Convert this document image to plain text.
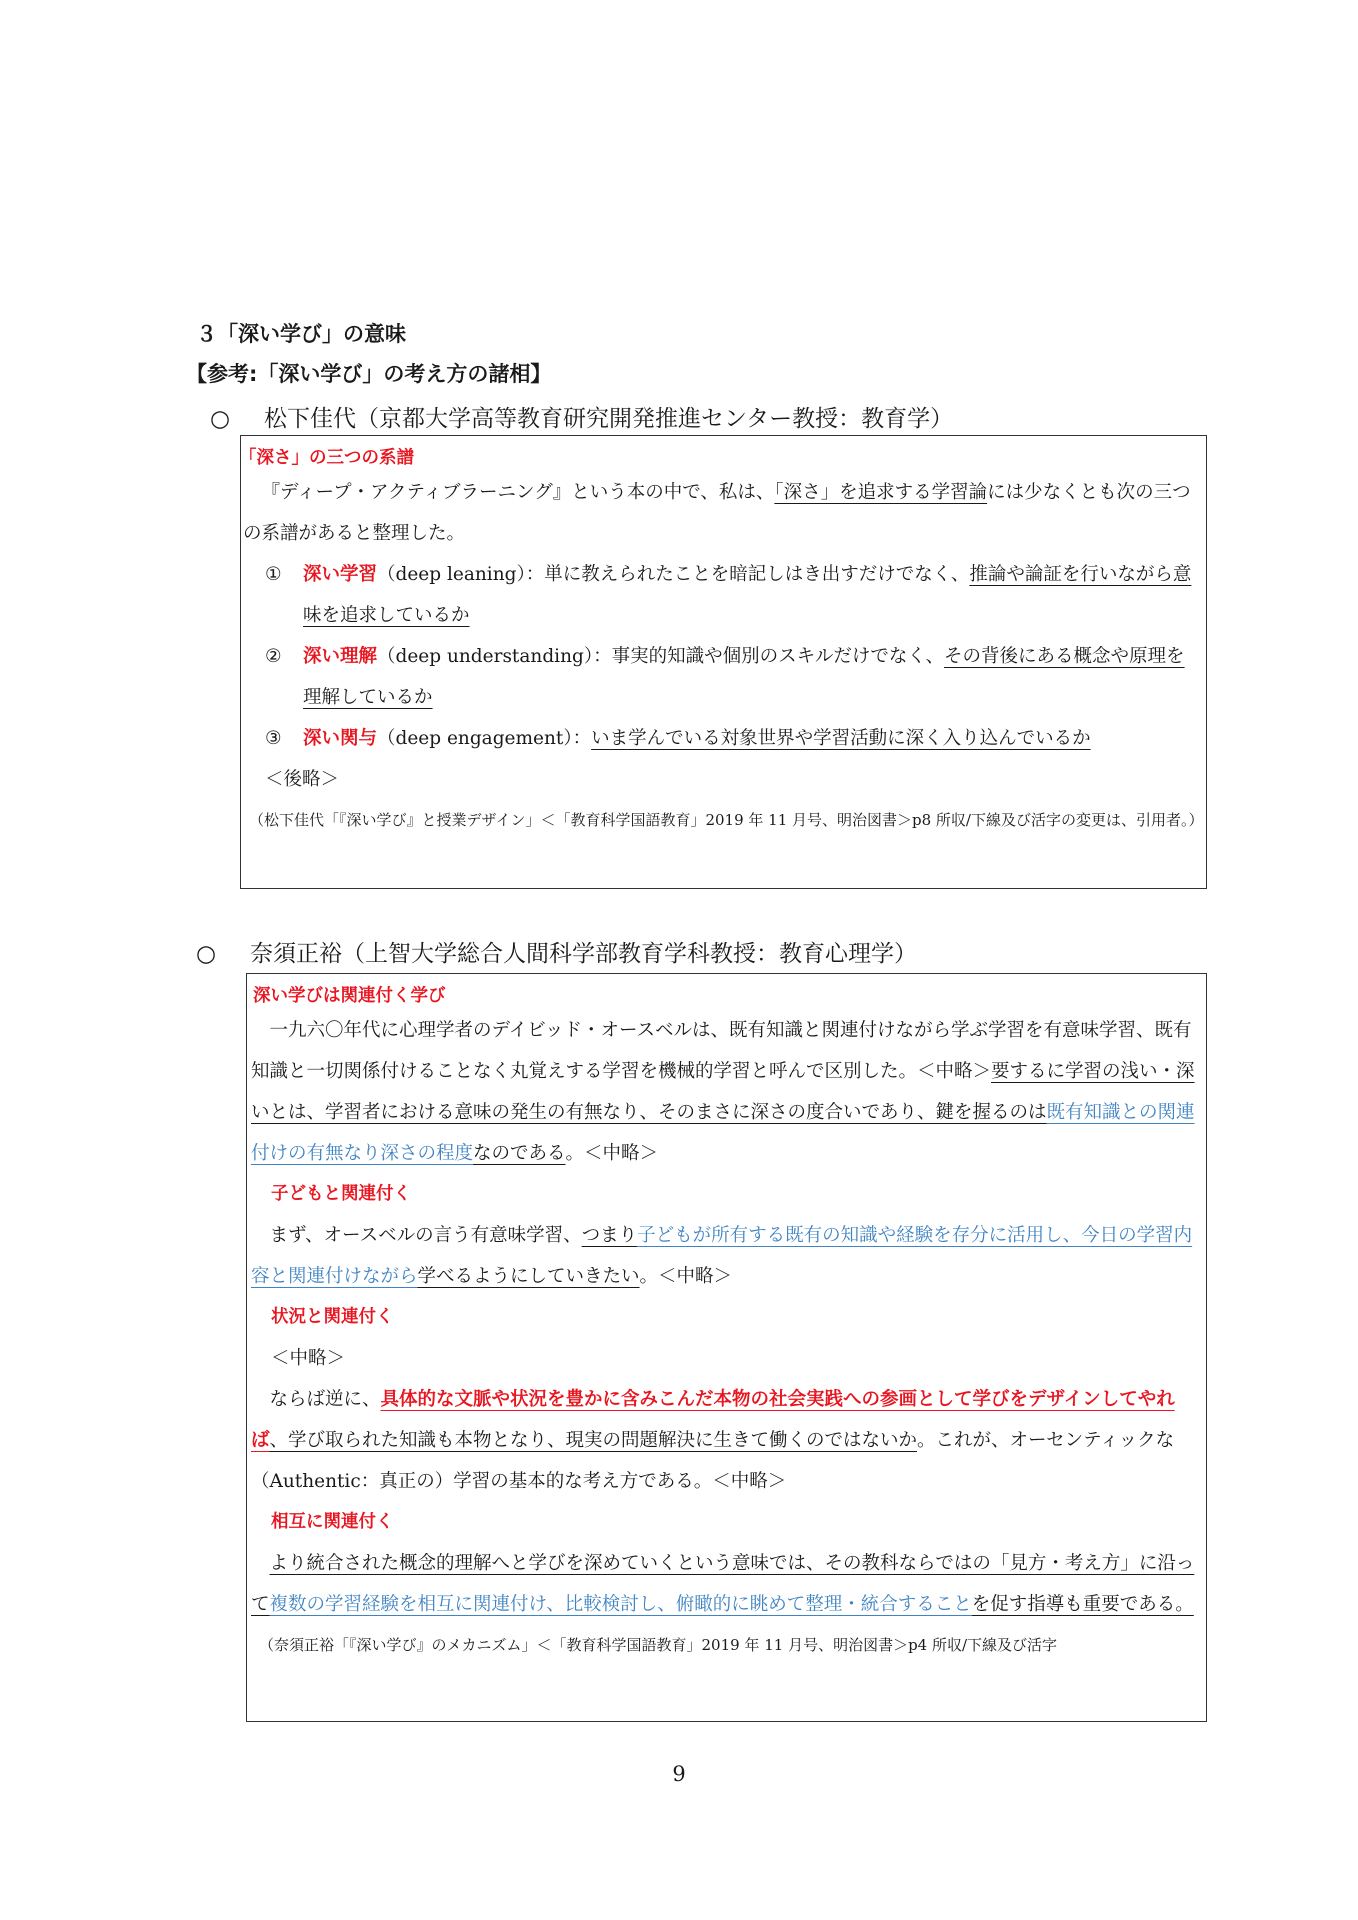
３「深い学び」の意味
【参考:「深い学び」の考え方の諸相】
○ 松下佳代（京都大学高等教育研究開発推進センター教授：教育学）
「深さ」の三つの系譜
『ディープ・アクティブラーニング』という本の中で、私は、「深さ」を追求する学習論には少なくとも次の三つの系譜があると整理した。
① 深い学習（deep leaning）：単に教えられたことを暗記しはき出すだけでなく、推論や論証を行いながら意味を追求しているか
② 深い理解（deep understanding）：事実的知識や個別のスキルだけでなく、その背後にある概念や原理を理解しているか
③ 深い関与（deep engagement）：いま学んでいる対象世界や学習活動に深く入り込んでいるか
＜後略＞
（松下佳代「『深い学び』と授業デザイン」＜「教育科学国語教育」2019 年 11 月号、明治図書＞p8 所収/下線及び活字の変更は、引用者。）
○ 奈須正裕（上智大学総合人間科学部教育学科教授：教育心理学）
深い学びは関連付く学び
一九六〇年代に心理学者のデイビッド・オースベルは、既有知識と関連付けながら学ぶ学習を有意味学習、既有知識と一切関係付けることなく丸覚えする学習を機械的学習と呼んで区別した。＜中略＞要するに学習の浅い・深いとは、学習者における意味の発生の有無なり、そのまさに深さの度合いであり、鍵を握るのは既有知識との関連付けの有無なり深さの程度なのである。＜中略＞
子どもと関連付く
まず、オースベルの言う有意味学習、つまり子どもが所有する既有の知識や経験を存分に活用し、今日の学習内容と関連付けながら学べるようにしていきたい。＜中略＞
状況と関連付く
＜中略＞
ならば逆に、具体的な文脈や状況を豊かに含みこんだ本物の社会実践への参画として学びをデザインしてやれば、学び取られた知識も本物となり、現実の問題解決に生きて働くのではないか。これが、オーセンティックな（Authentic：真正の）学習の基本的な考え方である。＜中略＞
相互に関連付く
より統合された概念的理解へと学びを深めていくという意味では、その教科ならではの「見方・考え方」に沿って複数の学習経験を相互に関連付け、比較検討し、俯瞰的に眺めて整理・統合することを促す指導も重要である。
（奈須正裕「『深い学び』のメカニズム」＜「教育科学国語教育」2019 年 11 月号、明治図書＞p4 所収/下線及び活字
9
